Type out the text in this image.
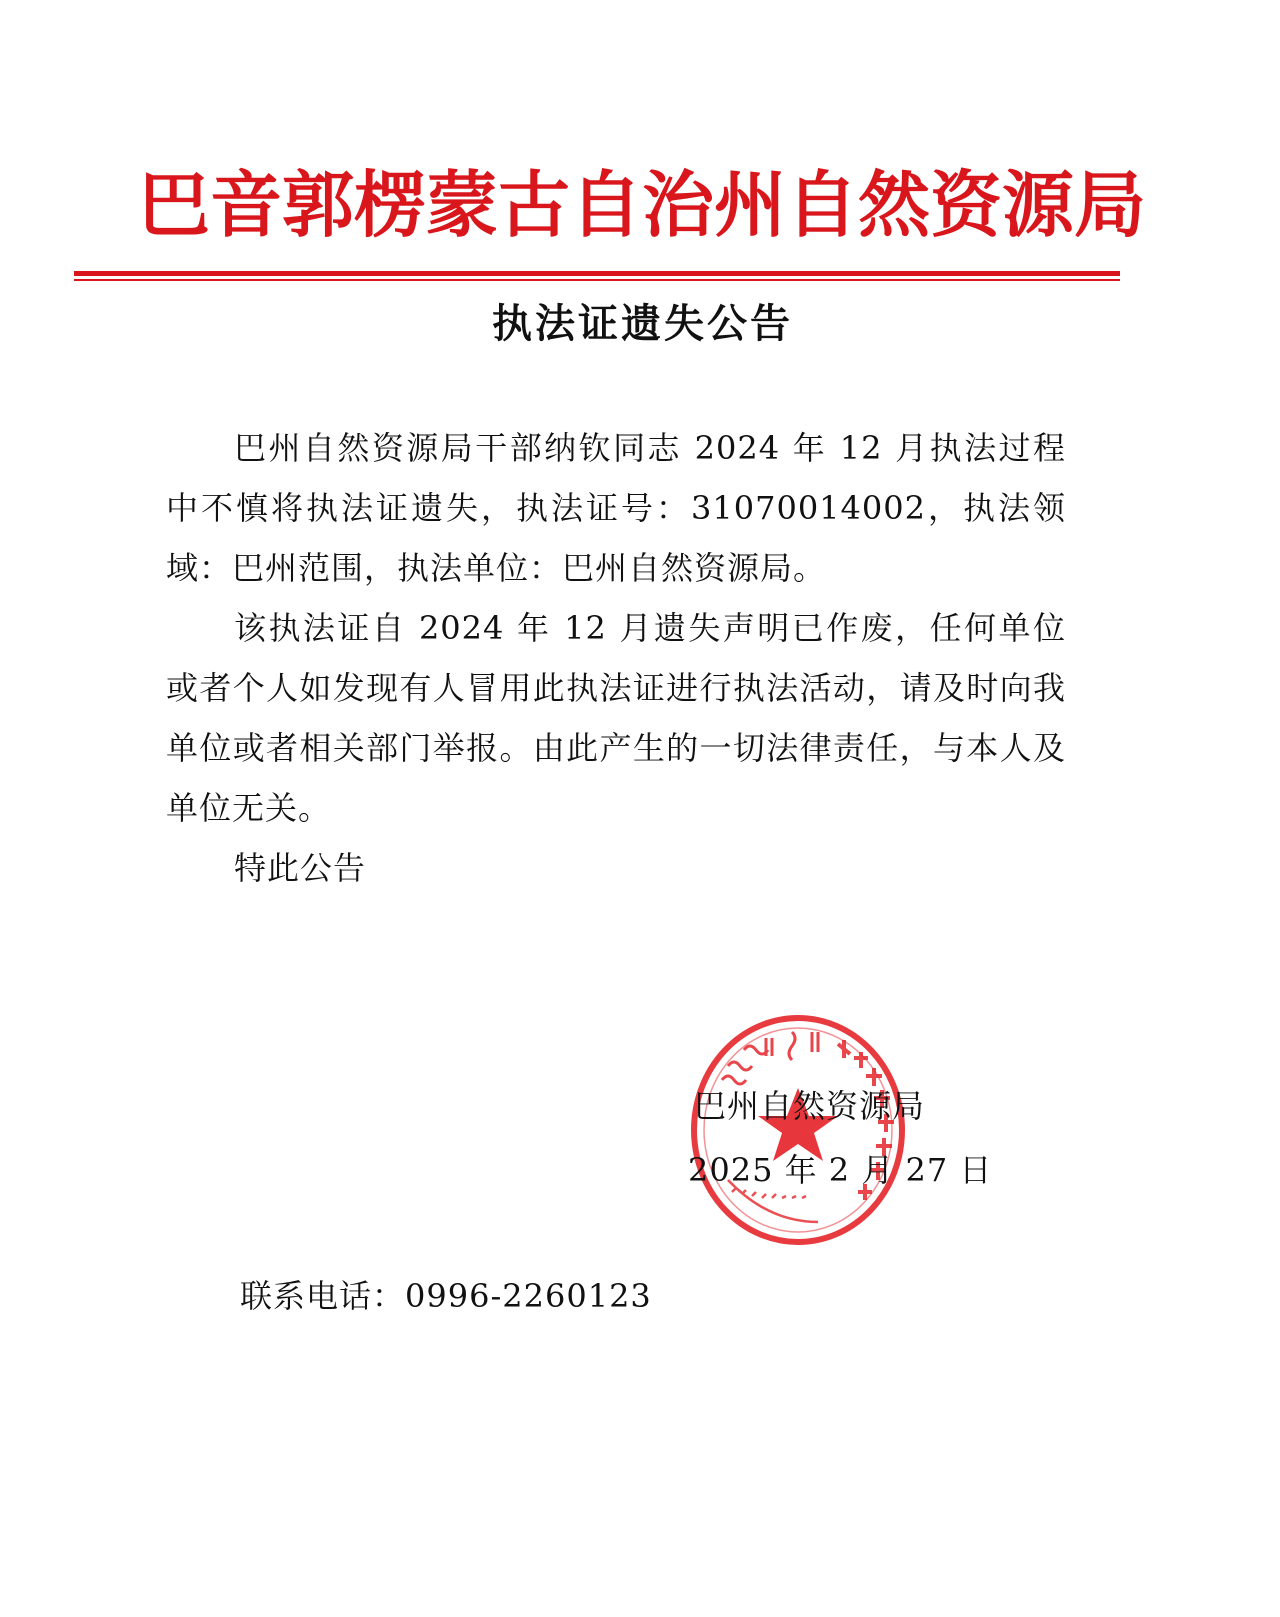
巴音郭楞蒙古自治州自然资源局
执法证遗失公告

巴州自然资源局干部纳钦同志 2024 年 12 月执法过程中不慎将执法证遗失，执法证号：31070014002，执法领域：巴州范围，执法单位：巴州自然资源局。

该执法证自 2024 年 12 月遗失声明已作废，任何单位或者个人如发现有人冒用此执法证进行执法活动，请及时向我单位或者相关部门举报。由此产生的一切法律责任，与本人及单位无关。

特此公告

巴州自然资源局
2025 年 2 月 27 日
联系电话：0996-2260123
